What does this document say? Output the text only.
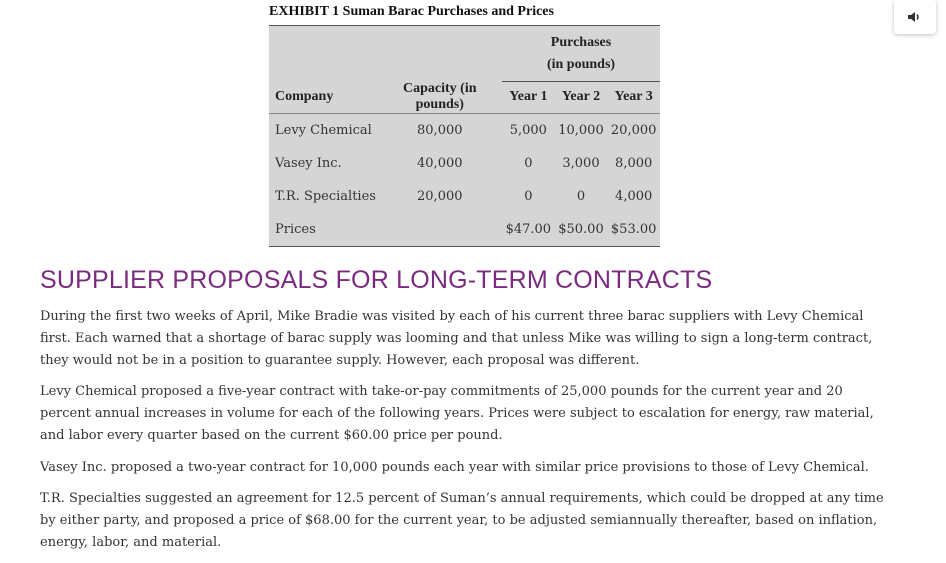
EXHIBIT 1 Suman Barac Purchases and Prices

		Purchases
(in pounds)		

Company	Capacity (in pounds)	Year 1	Year 2	Year 3
Levy Chemical	80,000	5,000	10,000	20,000
Vasey Inc.	40,000	0	3,000	8,000
T.R. Specialties	20,000	0	0	4,000
Prices		$47.00	$50.00	$53.00
SUPPLIER PROPOSALS FOR LONG-TERM CONTRACTS

During the first two weeks of April, Mike Bradie was visited by each of his current three barac suppliers with Levy Chemical first. Each warned that a shortage of barac supply was looming and that unless Mike was willing to sign a long-term contract, they would not be in a position to guarantee supply. However, each proposal was different.

Levy Chemical proposed a five-year contract with take-or-pay commitments of 25,000 pounds for the current year and 20 percent annual increases in volume for each of the following years. Prices were subject to escalation for energy, raw material, and labor every quarter based on the current $60.00 price per pound.

Vasey Inc. proposed a two-year contract for 10,000 pounds each year with similar price provisions to those of Levy Chemical.

T.R. Specialties suggested an agreement for 12.5 percent of Suman’s annual requirements, which could be dropped at any time by either party, and proposed a price of $68.00 for the current year, to be adjusted semiannually thereafter, based on inflation, energy, labor, and material.
